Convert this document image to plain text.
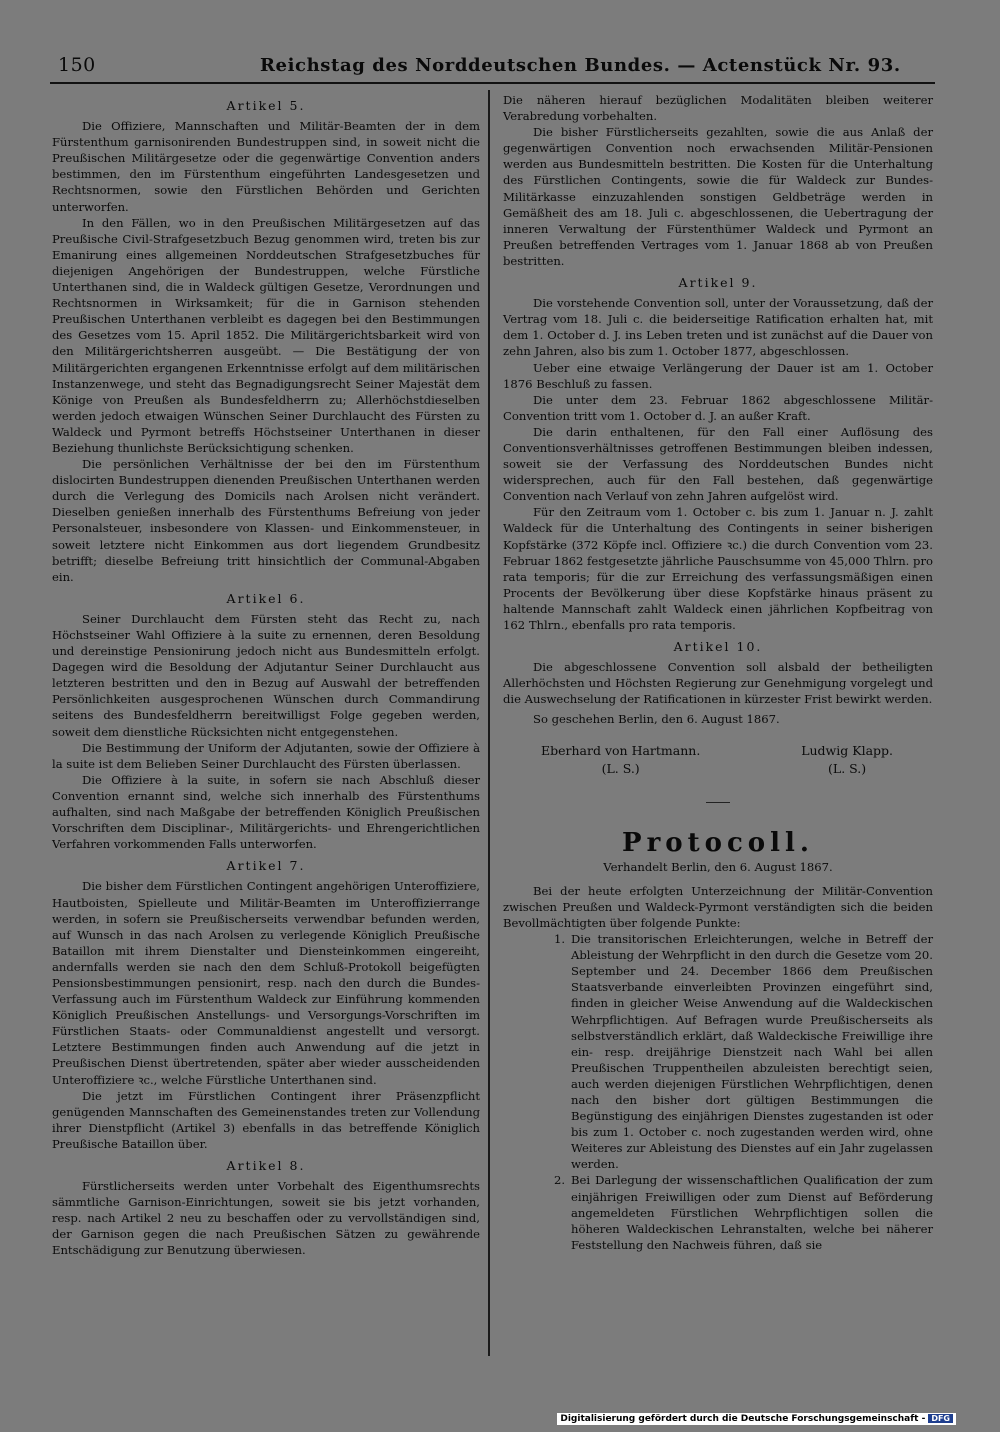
150	Reichstag des Norddeutschen Bundes. — Actenstück Nr. 93.
Artikel 5.

Die Offiziere, Mannschaften und Militär-Beamten der in dem Fürstenthum garnisonirenden Bundestruppen sind, in soweit nicht die Preußischen Militärgesetze oder die gegenwärtige Convention anders bestimmen, den im Fürstenthum eingeführten Landesgesetzen und Rechtsnormen, sowie den Fürstlichen Behörden und Gerichten unterworfen.

In den Fällen, wo in den Preußischen Militärgesetzen auf das Preußische Civil-Strafgesetzbuch Bezug genommen wird, treten bis zur Emanirung eines allgemeinen Norddeutschen Strafgesetzbuches für diejenigen Angehörigen der Bundestruppen, welche Fürstliche Unterthanen sind, die in Waldeck gültigen Gesetze, Verordnungen und Rechtsnormen in Wirksamkeit; für die in Garnison stehenden Preußischen Unterthanen verbleibt es dagegen bei den Bestimmungen des Gesetzes vom 15. April 1852. Die Militärgerichtsbarkeit wird von den Militärgerichtsherren ausgeübt. — Die Bestätigung der von Militärgerichten ergangenen Erkenntnisse erfolgt auf dem militärischen Instanzenwege, und steht das Begnadigungsrecht Seiner Majestät dem Könige von Preußen als Bundesfeldherrn zu; Allerhöchstdieselben werden jedoch etwaigen Wünschen Seiner Durchlaucht des Fürsten zu Waldeck und Pyrmont betreffs Höchstseiner Unterthanen in dieser Beziehung thunlichste Berücksichtigung schenken.

Die persönlichen Verhältnisse der bei den im Fürstenthum dislocirten Bundestruppen dienenden Preußischen Unterthanen werden durch die Verlegung des Domicils nach Arolsen nicht verändert. Dieselben genießen innerhalb des Fürstenthums Befreiung von jeder Personalsteuer, insbesondere von Klassen- und Einkommensteuer, in soweit letztere nicht Einkommen aus dort liegendem Grundbesitz betrifft; dieselbe Befreiung tritt hinsichtlich der Communal-Abgaben ein.

Artikel 6.

Seiner Durchlaucht dem Fürsten steht das Recht zu, nach Höchstseiner Wahl Offiziere à la suite zu ernennen, deren Besoldung und dereinstige Pensionirung jedoch nicht aus Bundesmitteln erfolgt. Dagegen wird die Besoldung der Adjutantur Seiner Durchlaucht aus letzteren bestritten und den in Bezug auf Auswahl der betreffenden Persönlichkeiten ausgesprochenen Wünschen durch Commandirung seitens des Bundesfeldherrn bereitwilligst Folge gegeben werden, soweit dem dienstliche Rücksichten nicht entgegenstehen.

Die Bestimmung der Uniform der Adjutanten, sowie der Offiziere à la suite ist dem Belieben Seiner Durchlaucht des Fürsten überlassen.

Die Offiziere à la suite, in sofern sie nach Abschluß dieser Convention ernannt sind, welche sich innerhalb des Fürstenthums aufhalten, sind nach Maßgabe der betreffenden Königlich Preußischen Vorschriften dem Disciplinar-, Militärgerichts- und Ehrengerichtlichen Verfahren vorkommenden Falls unterworfen.

Artikel 7.

Die bisher dem Fürstlichen Contingent angehörigen Unteroffiziere, Hautboisten, Spielleute und Militär-Beamten im Unteroffizierrange werden, in sofern sie Preußischerseits verwendbar befunden werden, auf Wunsch in das nach Arolsen zu verlegende Königlich Preußische Bataillon mit ihrem Dienstalter und Diensteinkommen eingereiht, andernfalls werden sie nach den dem Schluß-Protokoll beigefügten Pensionsbestimmungen pensionirt, resp. nach den durch die Bundes-Verfassung auch im Fürstenthum Waldeck zur Einführung kommenden Königlich Preußischen Anstellungs- und Versorgungs-Vorschriften im Fürstlichen Staats- oder Communaldienst angestellt und versorgt. Letztere Bestimmungen finden auch Anwendung auf die jetzt in Preußischen Dienst übertretenden, später aber wieder ausscheidenden Unteroffiziere ꝛc., welche Fürstliche Unterthanen sind.

Die jetzt im Fürstlichen Contingent ihrer Präsenzpflicht genügenden Mannschaften des Gemeinenstandes treten zur Vollendung ihrer Dienstpflicht (Artikel 3) ebenfalls in das betreffende Königlich Preußische Bataillon über.

Artikel 8.

Fürstlicherseits werden unter Vorbehalt des Eigenthumsrechts sämmtliche Garnison-Einrichtungen, soweit sie bis jetzt vorhanden, resp. nach Artikel 2 neu zu beschaffen oder zu vervollständigen sind, der Garnison gegen die nach Preußischen Sätzen zu gewährende Entschädigung zur Benutzung überwiesen.

Die näheren hierauf bezüglichen Modalitäten bleiben weiterer Verabredung vorbehalten.

Die bisher Fürstlicherseits gezahlten, sowie die aus Anlaß der gegenwärtigen Convention noch erwachsenden Militär-Pensionen werden aus Bundesmitteln bestritten. Die Kosten für die Unterhaltung des Fürstlichen Contingents, sowie die für Waldeck zur Bundes-Militärkasse einzuzahlenden sonstigen Geldbeträge werden in Gemäßheit des am 18. Juli c. abgeschlossenen, die Uebertragung der inneren Verwaltung der Fürstenthümer Waldeck und Pyrmont an Preußen betreffenden Vertrages vom 1. Januar 1868 ab von Preußen bestritten.

Artikel 9.

Die vorstehende Convention soll, unter der Voraussetzung, daß der Vertrag vom 18. Juli c. die beiderseitige Ratification erhalten hat, mit dem 1. October d. J. ins Leben treten und ist zunächst auf die Dauer von zehn Jahren, also bis zum 1. October 1877, abgeschlossen.

Ueber eine etwaige Verlängerung der Dauer ist am 1. October 1876 Beschluß zu fassen.

Die unter dem 23. Februar 1862 abgeschlossene Militär-Convention tritt vom 1. October d. J. an außer Kraft.

Die darin enthaltenen, für den Fall einer Auflösung des Conventionsverhältnisses getroffenen Bestimmungen bleiben indessen, soweit sie der Verfassung des Norddeutschen Bundes nicht widersprechen, auch für den Fall bestehen, daß gegenwärtige Convention nach Verlauf von zehn Jahren aufgelöst wird.

Für den Zeitraum vom 1. October c. bis zum 1. Januar n. J. zahlt Waldeck für die Unterhaltung des Contingents in seiner bisherigen Kopfstärke (372 Köpfe incl. Offiziere ꝛc.) die durch Convention vom 23. Februar 1862 festgesetzte jährliche Pauschsumme von 45,000 Thlrn. pro rata temporis; für die zur Erreichung des verfassungsmäßigen einen Procents der Bevölkerung über diese Kopfstärke hinaus präsent zu haltende Mannschaft zahlt Waldeck einen jährlichen Kopfbeitrag von 162 Thlrn., ebenfalls pro rata temporis.

Artikel 10.

Die abgeschlossene Convention soll alsbald der betheiligten Allerhöchsten und Höchsten Regierung zur Genehmigung vorgelegt und die Auswechselung der Ratificationen in kürzester Frist bewirkt werden.

So geschehen Berlin, den 6. August 1867.

Eberhard von Hartmann.
(L. S.)
Ludwig Klapp.
(L. S.)
Protocoll.
Verhandelt Berlin, den 6. August 1867.

Bei der heute erfolgten Unterzeichnung der Militär-Convention zwischen Preußen und Waldeck-Pyrmont verständigten sich die beiden Bevollmächtigten über folgende Punkte:

1. Die transitorischen Erleichterungen, welche in Betreff der Ableistung der Wehrpflicht in den durch die Gesetze vom 20. September und 24. December 1866 dem Preußischen Staatsverbande einverleibten Provinzen eingeführt sind, finden in gleicher Weise Anwendung auf die Waldeckischen Wehrpflichtigen. Auf Befragen wurde Preußischerseits als selbstverständlich erklärt, daß Waldeckische Freiwillige ihre ein- resp. dreijährige Dienstzeit nach Wahl bei allen Preußischen Truppentheilen abzuleisten berechtigt seien, auch werden diejenigen Fürstlichen Wehrpflichtigen, denen nach den bisher dort gültigen Bestimmungen die Begünstigung des einjährigen Dienstes zugestanden ist oder bis zum 1. October c. noch zugestanden werden wird, ohne Weiteres zur Ableistung des Dienstes auf ein Jahr zugelassen werden.
2. Bei Darlegung der wissenschaftlichen Qualification der zum einjährigen Freiwilligen oder zum Dienst auf Beförderung angemeldeten Fürstlichen Wehrpflichtigen sollen die höheren Waldeckischen Lehranstalten, welche bei näherer Feststellung den Nachweis führen, daß sie
Digitalisierung gefördert durch die Deutsche Forschungsgemeinschaft - DFG
